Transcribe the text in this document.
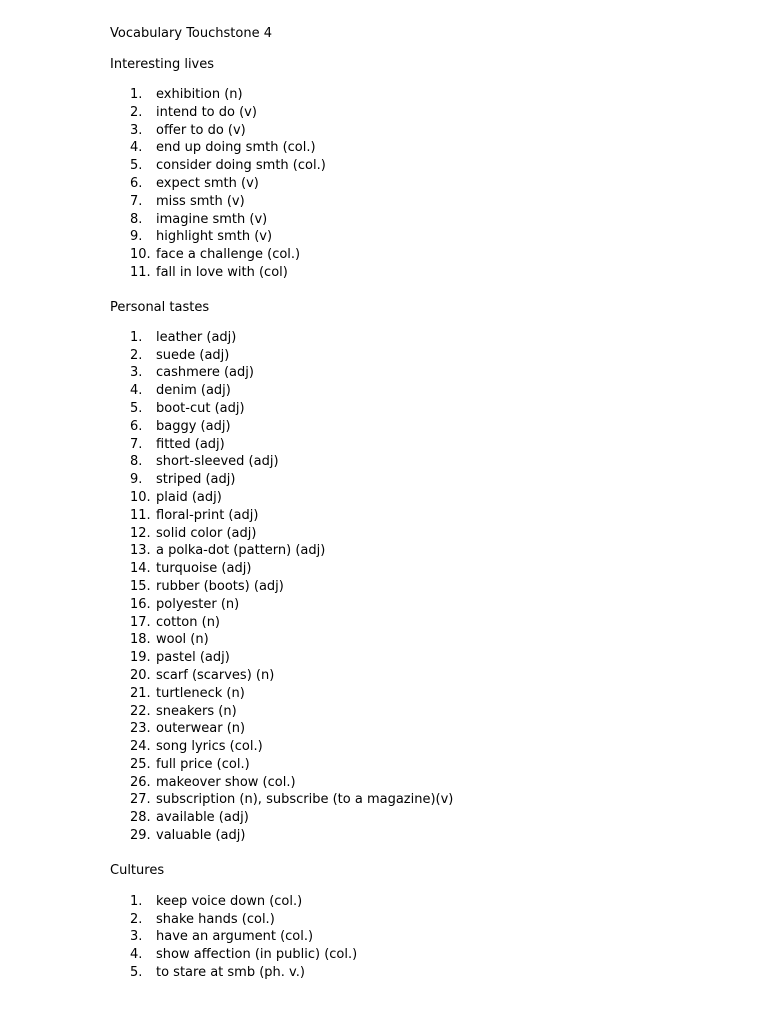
Vocabulary Touchstone 4
Interesting lives
1. exhibition (n)
2. intend to do (v)
3. offer to do (v)
4. end up doing smth (col.)
5. consider doing smth (col.)
6. expect smth (v)
7. miss smth (v)
8. imagine smth (v)
9. highlight smth (v)
10. face a challenge (col.)
11. fall in love with (col)
Personal tastes
1. leather (adj)
2. suede (adj)
3. cashmere (adj)
4. denim (adj)
5. boot-cut (adj)
6. baggy (adj)
7. fitted (adj)
8. short-sleeved (adj)
9. striped (adj)
10. plaid (adj)
11. floral-print (adj)
12. solid color (adj)
13. a polka-dot (pattern) (adj)
14. turquoise (adj)
15. rubber (boots) (adj)
16. polyester (n)
17. cotton (n)
18. wool (n)
19. pastel (adj)
20. scarf (scarves) (n)
21. turtleneck (n)
22. sneakers (n)
23. outerwear (n)
24. song lyrics (col.)
25. full price (col.)
26. makeover show (col.)
27. subscription (n), subscribe (to a magazine)(v)
28. available (adj)
29. valuable (adj)
Cultures
1. keep voice down (col.)
2. shake hands (col.)
3. have an argument (col.)
4. show affection (in public) (col.)
5. to stare at smb (ph. v.)
